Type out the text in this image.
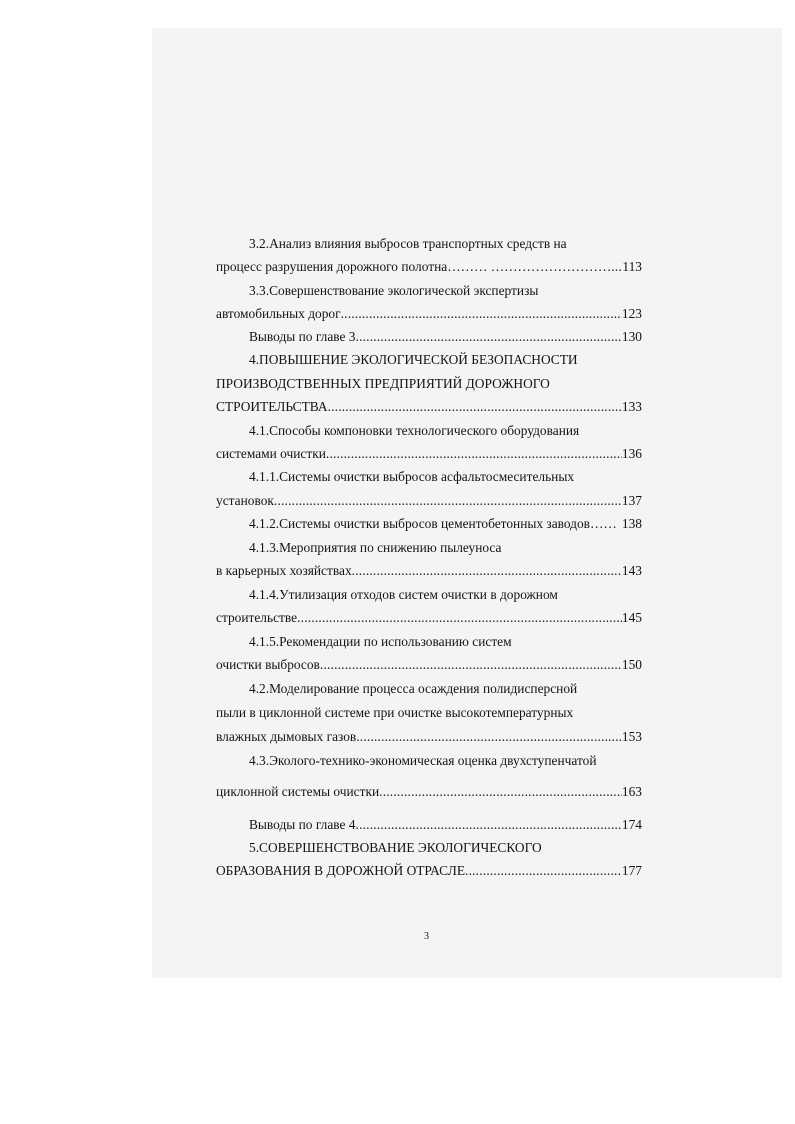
3.2.Анализ влияния выбросов транспортных средств на
процесс разрушения дорожного полотна……… ……………………… ..... 113
3.3.Совершенствование экологической экспертизы
автомобильных дорог .....	123
Выводы по главе 3 .....	130
4.ПОВЫШЕНИЕ ЭКОЛОГИЧЕСКОЙ БЕЗОПАСНОСТИ
ПРОИЗВОДСТВЕННЫХ ПРЕДПРИЯТИЙ ДОРОЖНОГО
СТРОИТЕЛЬСТВА .....	133
4.1.Способы компоновки технологического оборудования
системами очистки .....	136
4.1.1.Системы очистки выбросов асфальтосмесительных
установок .....	137
4.1.2.Системы очистки выбросов цементобетонных заводов…… 138
4.1.3.Мероприятия по снижению пылеуноса
в карьерных хозяйствах .....	143
4.1.4.Утилизация отходов систем очистки в дорожном
строительстве .....	145
4.1.5.Рекомендации по использованию систем
очистки выбросов .....	150
4.2.Моделирование процесса осаждения полидисперсной
пыли в циклонной системе при очистке высокотемпературных
влажных дымовых газов .....	153
4.3.Эколого-технико-экономическая оценка двухступенчатой
циклонной системы очистки .....	163
Выводы по главе 4 .....	174
5.СОВЕРШЕНСТВОВАНИЕ ЭКОЛОГИЧЕСКОГО
ОБРАЗОВАНИЯ В ДОРОЖНОЙ ОТРАСЛЕ .....	177
3
